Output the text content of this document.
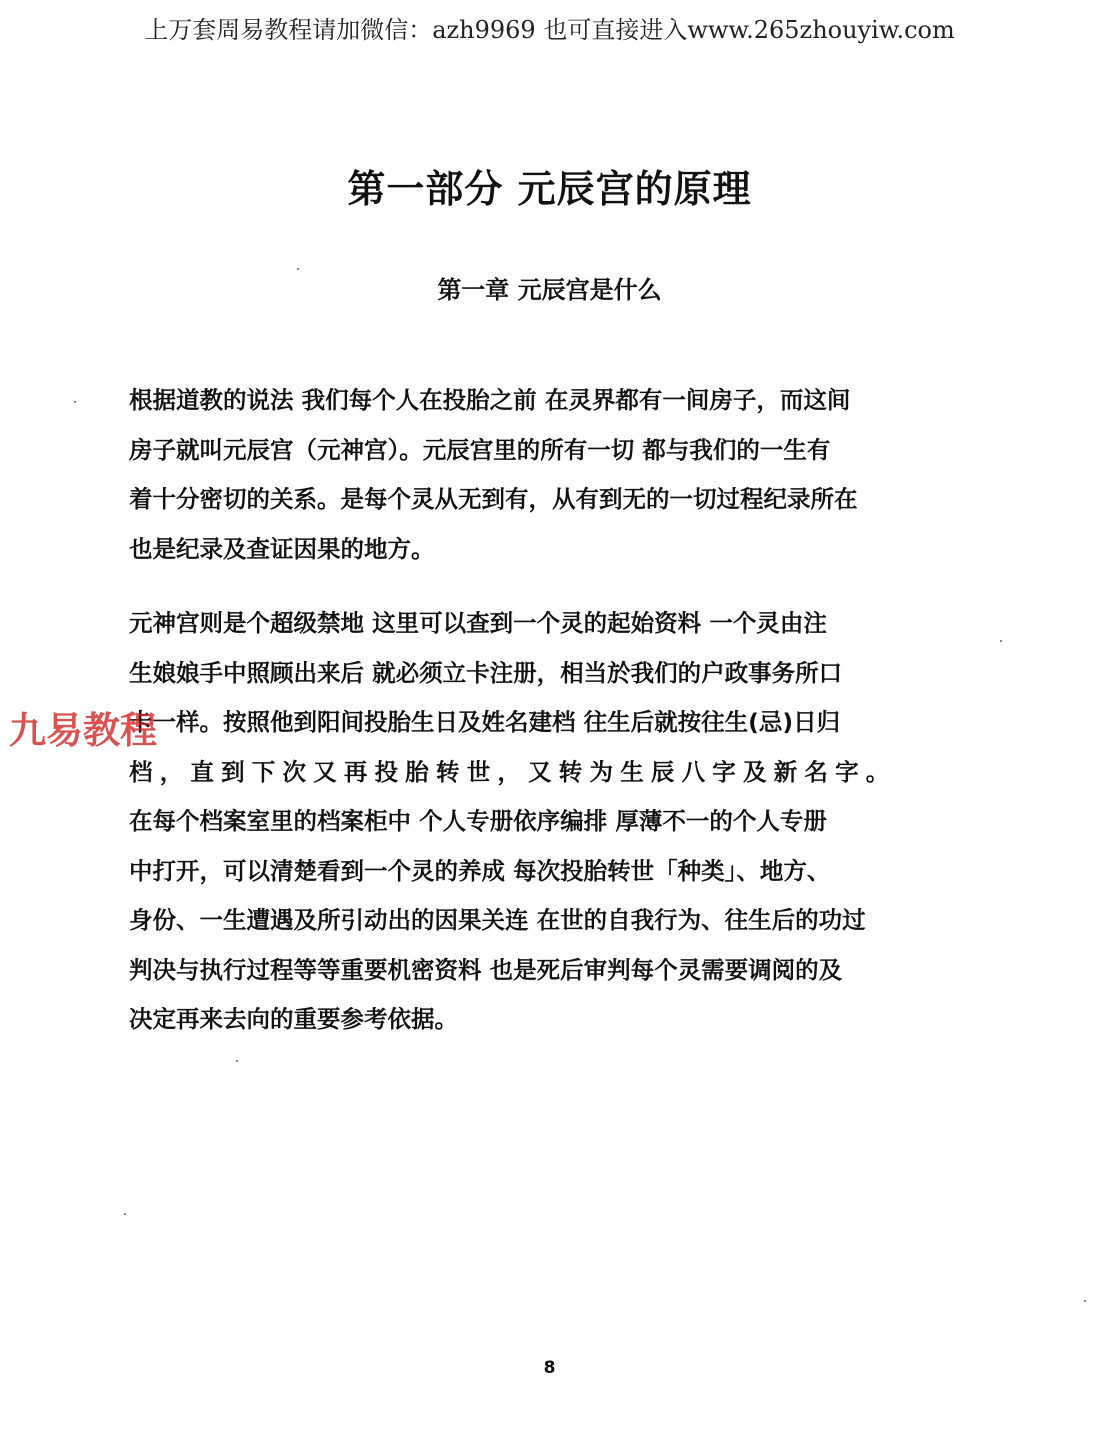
上万套周易教程请加微信：azh9969 也可直接进入www.265zhouyiw.com
第一部分 元辰宫的原理
第一章 元辰宫是什么
根据道教的说法 我们每个人在投胎之前 在灵界都有一间房子，而这间
房子就叫元辰宫（元神宫）。元辰宫里的所有一切 都与我们的一生有
着十分密切的关系。是每个灵从无到有，从有到无的一切过程纪录所在
也是纪录及查证因果的地方。
元神宫则是个超级禁地 这里可以查到一个灵的起始资料 一个灵由注
生娘娘手中照顾出来后 就必须立卡注册，相当於我们的户政事务所口
卡一样。按照他到阳间投胎生日及姓名建档 往生后就按往生(忌)日归
档，直到下次又再投胎转世，又转为生辰八字及新名字。
在每个档案室里的档案柜中 个人专册依序编排 厚薄不一的个人专册
中打开，可以清楚看到一个灵的养成 每次投胎转世「种类」、地方、
身份、一生遭遇及所引动出的因果关连 在世的自我行为、往生后的功过
判决与执行过程等等重要机密资料 也是死后审判每个灵需要调阅的及
决定再来去向的重要参考依据。
九易教程
8
